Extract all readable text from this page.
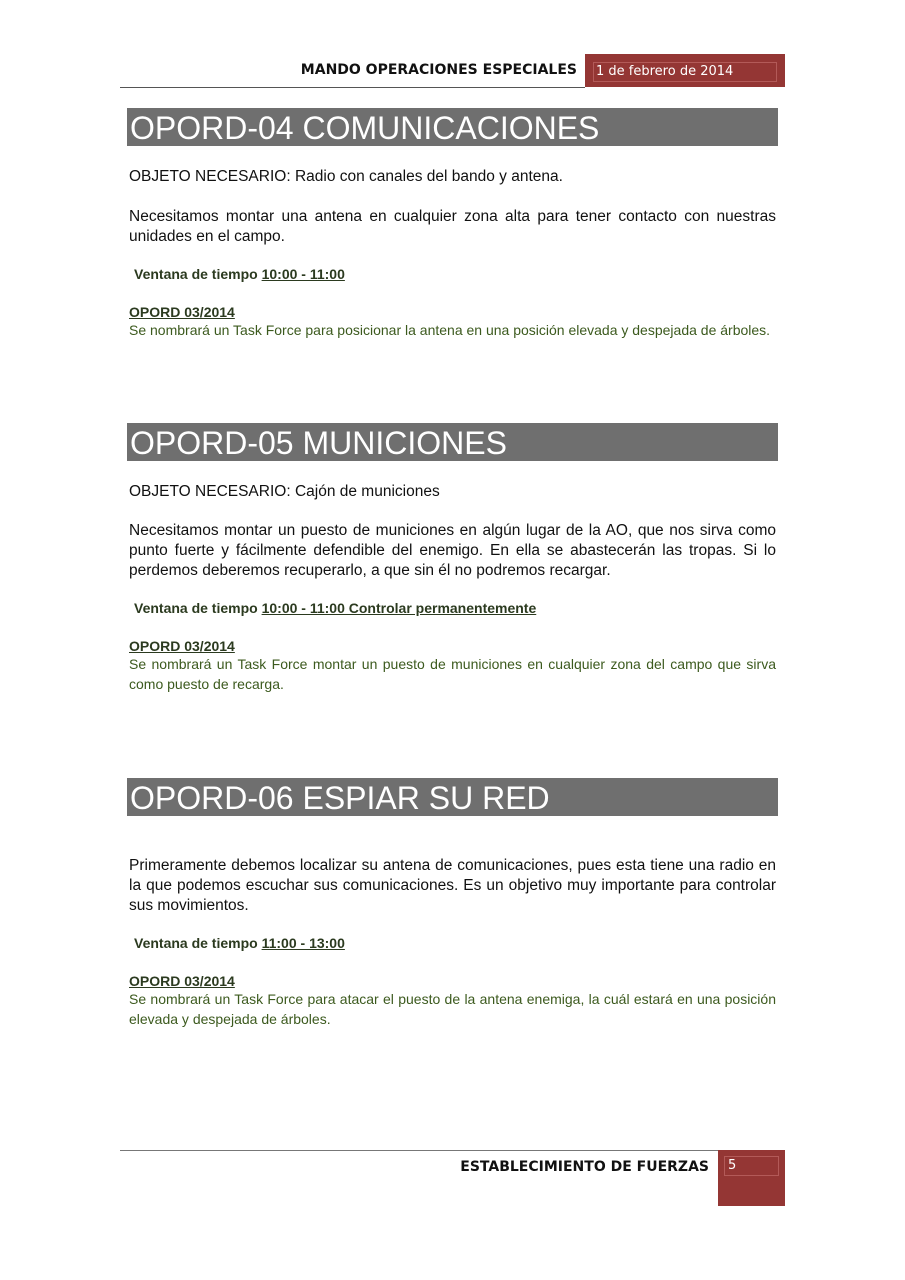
MANDO OPERACIONES ESPECIALES 1 de febrero de 2014
OPORD-04 COMUNICACIONES
OBJETO NECESARIO: Radio con canales del bando y antena.
Necesitamos montar una antena en cualquier zona alta para tener contacto con nuestras unidades en el campo.
Ventana de tiempo 10:00 - 11:00
OPORD 03/2014
Se nombrará un Task Force para posicionar la antena en una posición elevada y despejada de árboles.
OPORD-05 MUNICIONES
OBJETO NECESARIO: Cajón de municiones
Necesitamos montar un puesto de municiones en algún lugar de la AO, que nos sirva como punto fuerte y fácilmente defendible del enemigo. En ella se abastecerán las tropas. Si lo perdemos deberemos recuperarlo, a que sin él no podremos recargar.
Ventana de tiempo 10:00 - 11:00 Controlar permanentemente
OPORD 03/2014
Se nombrará un Task Force montar un puesto de municiones en cualquier zona del campo que sirva como puesto de recarga.
OPORD-06 ESPIAR SU RED
Primeramente debemos localizar su antena de comunicaciones, pues esta tiene una radio en la que podemos escuchar sus comunicaciones. Es un objetivo muy importante para controlar sus movimientos.
Ventana de tiempo 11:00 - 13:00
OPORD 03/2014
Se nombrará un Task Force para atacar el puesto de la antena enemiga, la cuál estará en una posición elevada y despejada de árboles.
ESTABLECIMIENTO DE FUERZAS	5
